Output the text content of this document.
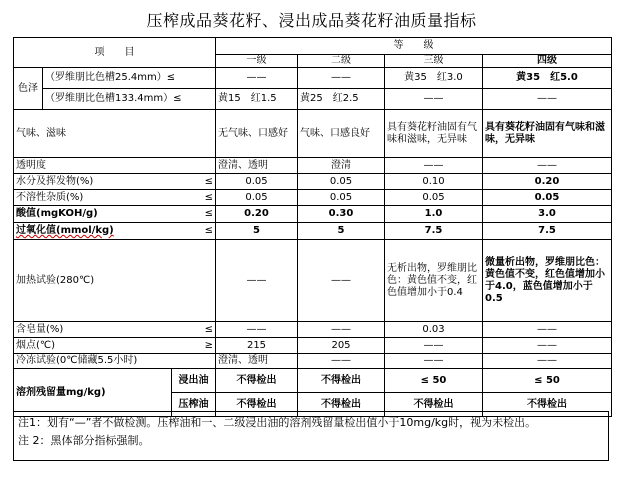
压榨成品葵花籽、浸出成品葵花籽油质量指标
项　　目			等　　级			
			一级	二级	三级	四级
色泽	（罗维朋比色槽25.4mm）≤		——	——	黄35　红3.0	黄35　红5.0
	（罗维朋比色槽133.4mm）≤		黄15　红1.5	黄25　红2.5	——	——
气味、滋味			无气味、口感好	气味、口感良好	具有葵花籽油固有气味和滋味，无异味	具有葵花籽油固有气味和滋味，无异味
透明度			澄清、透明	澄清	——	——
水分及挥发物(%)		≤	0.05	0.05	0.10	0.20
不溶性杂质(%)		≤	0.05	0.05	0.05	0.05
酸值(mgKOH/g)		≤	0.20	0.30	1.0	3.0
过氧化值(mmol/kg)		≤	5	5	7.5	7.5
加热试验(280℃)			——	——	无析出物，罗维朋比色：黄色值不变，红色值增加小于0.4	微量析出物，罗维朋比色：黄色值不变，红色值增加小于4.0，蓝色值增加小于0.5
含皂量(%)		≤	——	——	0.03	——
烟点(℃)		≥	215	205	——	——
冷冻试验(0℃储藏5.5小时)			澄清、透明	——	——	——
溶剂残留量mg/kg)		浸出油	不得检出	不得检出	≤ 50	≤ 50
		压榨油	不得检出	不得检出	不得检出	不得检出
注1：划有“—”者不做检测。压榨油和一、二级浸出油的溶剂残留量检出值小于10mg/kg时，视为未检出。
注 2：黑体部分指标强制。
